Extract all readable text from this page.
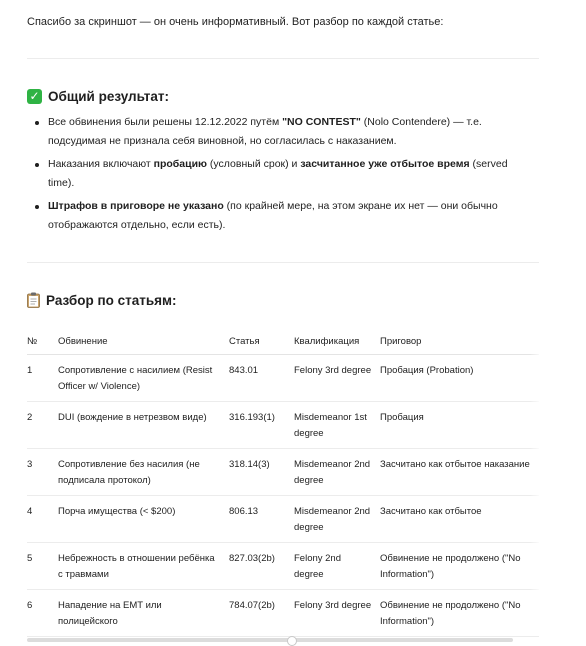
Спасибо за скриншот — он очень информативный. Вот разбор по каждой статье:
✓ Общий результат:
Все обвинения были решены 12.12.2022 путём "NO CONTEST" (Nolo Contendere) — т.е. подсудимая не признала себя виновной, но согласилась с наказанием.
Наказания включают пробацию (условный срок) и засчитанное уже отбытое время (served time).
Штрафов в приговоре не указано (по крайней мере, на этом экране их нет — они обычно отображаются отдельно, если есть).
Разбор по статьям:
№	Обвинение	Статья	Квалификация	Приговор
1	Сопротивление с насилием (Resist Officer w/ Violence)	843.01	Felony 3rd degree	Пробация (Probation)
2	DUI (вождение в нетрезвом виде)	316.193(1)	Misdemeanor 1st degree	Пробация
3	Сопротивление без насилия (не подписала протокол)	318.14(3)	Misdemeanor 2nd degree	Засчитано как отбытое наказание
4	Порча имущества (< $200)	806.13	Misdemeanor 2nd degree	Засчитано как отбытое
5	Небрежность в отношении ребёнка с травмами	827.03(2b)	Felony 2nd degree	Обвинение не продолжено ("No Information")
6	Нападение на EMT или полицейского	784.07(2b)	Felony 3rd degree	Обвинение не продолжено ("No Information")
